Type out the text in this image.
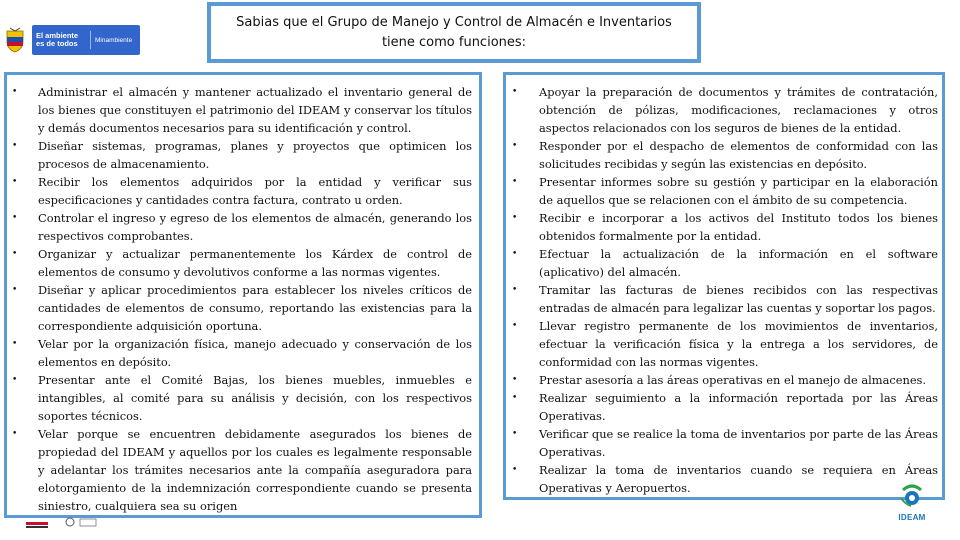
El ambiente es de todos	Minambiente
Sabias que el Grupo de Manejo y Control de Almacén e Inventarios tiene como funciones:
• Administrar el almacén y mantener actualizado el inventario general de los bienes que constituyen el patrimonio del IDEAM y conservar los títulos y demás documentos necesarios para su identificación y control.
• Diseñar sistemas, programas, planes y proyectos que optimicen los procesos de almacenamiento.
• Recibir los elementos adquiridos por la entidad y verificar sus especificaciones y cantidades contra factura, contrato u orden.
• Controlar el ingreso y egreso de los elementos de almacén, generando los respectivos comprobantes.
• Organizar y actualizar permanentemente los Kárdex de control de elementos de consumo y devolutivos conforme a las normas vigentes.
• Diseñar y aplicar procedimientos para establecer los niveles críticos de cantidades de elementos de consumo, reportando las existencias para la correspondiente adquisición oportuna.
• Velar por la organización física, manejo adecuado y conservación de los elementos en depósito.
• Presentar ante el Comité Bajas, los bienes muebles, inmuebles e intangibles, al comité para su análisis y decisión, con los respectivos soportes técnicos.
• Velar porque se encuentren debidamente asegurados los bienes de propiedad del IDEAM y aquellos por los cuales es legalmente responsable y adelantar los trámites necesarios ante la compañía aseguradora para elotorgamiento de la indemnización correspondiente cuando se presenta siniestro, cualquiera sea su origen
• Apoyar la preparación de documentos y trámites de contratación, obtención de pólizas, modificaciones, reclamaciones y otros aspectos relacionados con los seguros de bienes de la entidad.
• Responder por el despacho de elementos de conformidad con las solicitudes recibidas y según las existencias en depósito.
• Presentar informes sobre su gestión y participar en la elaboración de aquellos que se relacionen con el ámbito de su competencia.
• Recibir e incorporar a los activos del Instituto todos los bienes obtenidos formalmente por la entidad.
• Efectuar la actualización de la información en el software (aplicativo) del almacén.
• Tramitar las facturas de bienes recibidos con las respectivas entradas de almacén para legalizar las cuentas y soportar los pagos.
• Llevar registro permanente de los movimientos de inventarios, efectuar la verificación física y la entrega a los servidores, de conformidad con las normas vigentes.
• Prestar asesoría a las áreas operativas en el manejo de almacenes.
• Realizar seguimiento a la información reportada por las Áreas Operativas.
• Verificar que se realice la toma de inventarios por parte de las Áreas Operativas.
• Realizar la toma de inventarios cuando se requiera en Áreas Operativas y Aeropuertos.
IDEAM
